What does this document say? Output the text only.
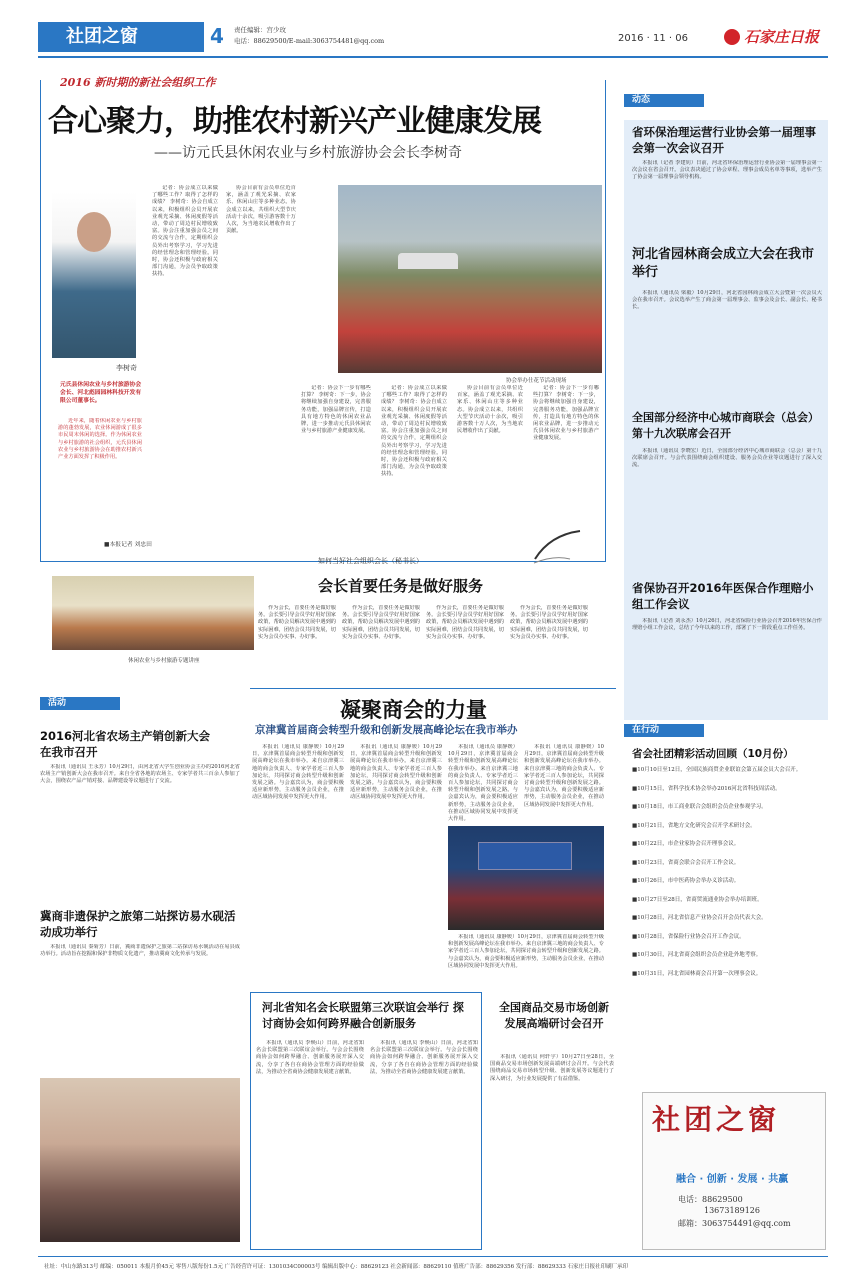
社团之窗	4 责任编辑：宫少玫
电话：88629500/E-mail:3063754481@qq.com	2016 · 11 · 06	石家庄日报
2016 新时期的新社会组织工作
合心聚力，助推农村新兴产业健康发展
——访元氏县休闲农业与乡村旅游协会会长李树奇
李树奇
元氏县休闲农业与乡村旅游协会会长、河北彪园园林科技开发有限公司董事长。

近年来，随着休闲农业与乡村旅游的蓬勃发展，农业休闲游成了很多市民周末休闲的选择。作为休闲农业与乡村旅游的社会组织，元氏县休闲农业与乡村旅游协会在助推农村新兴产业方面发挥了积极作用。

■本报记者 刘忠田

记者：协会成立以来做了哪些工作？取得了怎样的成绩？ 李树奇：协会自成立以来，积极组织会员开展农业观光采摘、休闲度假等活动，带动了周边村民增收致富。协会注重加强会员之间的交流与合作，定期组织会员外出考察学习，学习先进的经营理念和管理经验。同时，协会还积极与政府相关部门沟通，为会员争取政策扶持。

协会目前有会员单位近百家，涵盖了观光采摘、农家乐、休闲山庄等多种业态。协会成立以来，共组织大型节庆活动十余次，吸引游客数十万人次，为当地农民增收作出了贡献。

协会举办仕花节活动现场

记者：协会下一步有哪些打算？ 李树奇：下一步，协会将继续加强自身建设，完善服务功能，加强品牌宣传，打造具有地方特色的休闲农业品牌，进一步推动元氏县休闲农业与乡村旅游产业健康发展。

记者：协会成立以来做了哪些工作？取得了怎样的成绩？ 李树奇：协会自成立以来，积极组织会员开展农业观光采摘、休闲度假等活动，带动了周边村民增收致富。协会注重加强会员之间的交流与合作，定期组织会员外出考察学习，学习先进的经营理念和管理经验。同时，协会还积极与政府相关部门沟通，为会员争取政策扶持。

协会目前有会员单位近百家，涵盖了观光采摘、农家乐、休闲山庄等多种业态。协会成立以来，共组织大型节庆活动十余次，吸引游客数十万人次，为当地农民增收作出了贡献。

记者：协会下一步有哪些打算？ 李树奇：下一步，协会将继续加强自身建设，完善服务功能，加强品牌宣传，打造具有地方特色的休闲农业品牌，进一步推动元氏县休闲农业与乡村旅游产业健康发展。

如何当好社会组织会长（秘书长）
会长首要任务是做好服务
休闲农业与乡村旅游专题讲座

作为会长，首要任务是做好服务。会长要引导会员学好用好国家政策，帮助会员解决发展中遇到的实际困难，团结会员共同发展，切实为会员办实事、办好事。

作为会长，首要任务是做好服务。会长要引导会员学好用好国家政策，帮助会员解决发展中遇到的实际困难，团结会员共同发展，切实为会员办实事、办好事。

作为会长，首要任务是做好服务。会长要引导会员学好用好国家政策，帮助会员解决发展中遇到的实际困难，团结会员共同发展，切实为会员办实事、办好事。

作为会长，首要任务是做好服务。会长要引导会员学好用好国家政策，帮助会员解决发展中遇到的实际困难，团结会员共同发展，切实为会员办实事、办好事。

动态
省环保治理运营行业协会第一届理事会第一次会议召开

本报讯（记者 李建钊）日前，河北省环保治理运营行业协会第一届理事会第一次会议在省会召开。会议表决通过了协会章程、理事会成员名单等事项，选举产生了协会第一届理事会领导机构。

河北省园林商会成立大会在我市举行

本报讯（通讯员 梁毅）10月29日，河北省园林商会成立大会暨第一次会员大会在我市召开。会议选举产生了商会第一届理事会、监事会及会长、副会长、秘书长。

全国部分经济中心城市商联会（总会）第十九次联席会召开

本报讯（通讯员 李晓宏）近日，全国部分经济中心城市商联会（总会）第十九次联席会召开。与会代表围绕商会组织建设、服务会员企业等议题进行了深入交流。

省保协召开2016年医保合作理赔小组工作会议

本报讯（记者 刘永杰）10月26日，河北省保险行业协会召开2016年医保合作理赔小组工作会议，总结了今年以来的工作，部署了下一阶段重点工作任务。

在行动
省会社团精彩活动回顾（10月份）
■10月10日至12日，全国民族商贸企业联谊会第五届会员大会召开。
■10月15日，省科学技术协会举办2016河北省科技周活动。
■10月18日，市工商业联合会组织会员企业参观学习。
■10月21日，省地方文化研究会召开学术研讨会。
■10月22日，市企业家协会召开理事会议。
■10月23日，省商会联合会召开工作会议。
■10月26日，市中医药协会举办义诊活动。
■10月27日至28日，省商贸流通业协会举办培训班。
■10月28日，河北省信息产业协会召开会员代表大会。
■10月28日，省保险行业协会召开工作会议。
■10月30日，河北省商会组织会员企业赴外地考察。
■10月31日，河北省园林商会召开第一次理事会议。
社团之窗
融合 · 创新 · 发展 · 共赢
电话：88629500
13673189126
邮箱：3063754491@qq.com
活动
2016河北省农场主产销创新大会在我市召开

本报讯（通讯员 王永芳）10月29日，由河北省大学生创业协会主办的2016河北省农场主产销创新大会在我市召开。来自全省各地的农场主、专家学者共三百余人参加了大会，围绕农产品产销对接、品牌建设等议题进行了交流。

冀商非遗保护之旅第二站探访易水砚活动成功举行

本报讯（通讯员 秦菊芳）日前，冀商非遗保护之旅第二站探访易水砚活动在易县成功举行。活动旨在挖掘和保护非物质文化遗产，推动冀商文化传承与发展。

凝聚商会的力量
京津冀首届商会转型升级和创新发展高峰论坛在我市举办

本报讯（通讯员 康静媛）10月29日，京津冀首届商会转型升级和创新发展高峰论坛在我市举办。来自京津冀三地的商会负责人、专家学者近三百人参加论坛，共同探讨商会转型升级和创新发展之路。与会嘉宾认为，商会要积极适应新形势，主动服务会员企业，在推动区域协同发展中发挥更大作用。

本报讯（通讯员 康静媛）10月29日，京津冀首届商会转型升级和创新发展高峰论坛在我市举办。来自京津冀三地的商会负责人、专家学者近三百人参加论坛，共同探讨商会转型升级和创新发展之路。与会嘉宾认为，商会要积极适应新形势，主动服务会员企业，在推动区域协同发展中发挥更大作用。

本报讯（通讯员 康静媛）10月29日，京津冀首届商会转型升级和创新发展高峰论坛在我市举办。来自京津冀三地的商会负责人、专家学者近三百人参加论坛，共同探讨商会转型升级和创新发展之路。与会嘉宾认为，商会要积极适应新形势，主动服务会员企业，在推动区域协同发展中发挥更大作用。

本报讯（通讯员 康静媛）10月29日，京津冀首届商会转型升级和创新发展高峰论坛在我市举办。来自京津冀三地的商会负责人、专家学者近三百人参加论坛，共同探讨商会转型升级和创新发展之路。与会嘉宾认为，商会要积极适应新形势，主动服务会员企业，在推动区域协同发展中发挥更大作用。

本报讯（通讯员 康静媛）10月29日，京津冀首届商会转型升级和创新发展高峰论坛在我市举办。来自京津冀三地的商会负责人、专家学者近三百人参加论坛，共同探讨商会转型升级和创新发展之路。与会嘉宾认为，商会要积极适应新形势，主动服务会员企业，在推动区域协同发展中发挥更大作用。

河北省知名会长联盟第三次联谊会举行 探讨商协会如何跨界融合创新服务

本报讯（通讯员 李焕山）日前，河北省知名会长联盟第三次联谊会举行。与会会长围绕商协会如何跨界融合、创新服务展开深入交流，分享了各自在商协会管理方面的经验做法，为推动全省商协会健康发展建言献策。

本报讯（通讯员 李焕山）日前，河北省知名会长联盟第三次联谊会举行。与会会长围绕商协会如何跨界融合、创新服务展开深入交流，分享了各自在商协会管理方面的经验做法，为推动全省商协会健康发展建言献策。

全国商品交易市场创新发展高端研讨会召开

本报讯（通讯员 何轩宇）10月27日至28日，全国商品交易市场创新发展高端研讨会召开。与会代表围绕商品交易市场转型升级、创新发展等议题进行了深入研讨，为行业发展提供了有益借鉴。

社址：中山东路313号 邮编：050011 本报月价45元 零售八版每份1.5元 广告经营许可证：1301034C00003号 编辑出版中心：88629123 社会新闻部：88629110 值班广告部：88629356 发行部：88629333 石家庄日报社印刷厂承印
